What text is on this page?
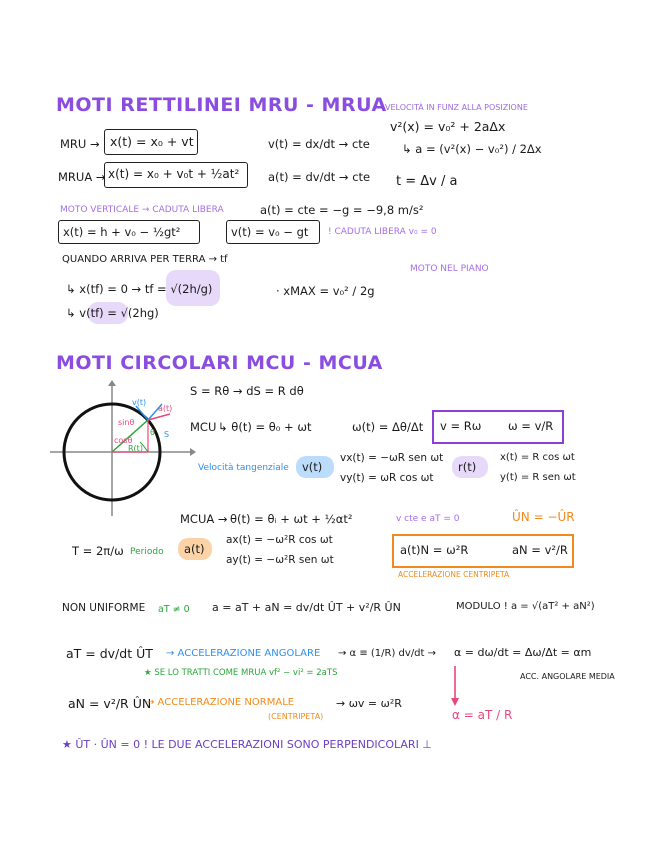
MOTI RETTILINEI MRU - MRUA
VELOCITÀ IN FUNZ ALLA POSIZIONE
v²(x) = v₀² + 2aΔx
↳ a = (v²(x) − v₀²) / 2Δx
MRU → x(t) = x₀ + vt	v(t) = dx/dt → cte
MRUA → x(t) = x₀ + v₀t + ½at²	a(t) = dv/dt → cte t = Δv / a
MOTO VERTICALE → CADUTA LIBERA	a(t) = cte = −g = −9,8 m/s²
x(t) = h + v₀ − ½gt²	v(t) = v₀ − gt ! CADUTA LIBERA v₀ = 0
QUANDO ARRIVA PER TERRA → tf
↳ x(tf) = 0 → tf = √(2h/g)
↳ v(tf) = √(2hg)
· xMAX = v₀² / 2g
MOTO NEL PIANO
MOTI CIRCOLARI MCU - MCUA
v(t)
a(t)
sinθ
cosθ
R(t)
S
θ
S = Rθ → dS = R dθ
MCU ↳ θ(t) = θ₀ + ωt	ω(t) = Δθ/Δt v = Rω ω = v/R
Velocità tangenziale v(t)
vx(t) = −ωR sen ωt
vy(t) = ωR cos ωt
r(t)
x(t) = R cos ωt
y(t) = R sen ωt
MCUA → θ(t) = θᵢ + ωt + ½αt²	v cte e aT = 0	ÛN = −ÛR
T = 2π/ω Periodo a(t)
ax(t) = −ω²R cos ωt
ay(t) = −ω²R sen ωt
a(t)N = ω²R	aN = v²/R
ACCELERAZIONE CENTRIPETA
NON UNIFORME aT ≠ 0 a = aT + aN = dv/dt ÛT + v²/R ÛN	MODULO ! a = √(aT² + aN²)
aT = dv/dt ÛT → ACCELERAZIONE ANGOLARE → α ≡ (1/R) dv/dt → α = dω/dt = Δω/Δt = αm
★ SE LO TRATTI COME MRUA vf² − vi² = 2aTS	ACC. ANGOLARE MEDIA
aN = v²/R ÛN
→ ACCELERAZIONE NORMALE
(CENTRIPETA)
→ ωv = ω²R
α = aT / R
★ ÛT · ÛN = 0 ! LE DUE ACCELERAZIONI SONO PERPENDICOLARI ⊥
